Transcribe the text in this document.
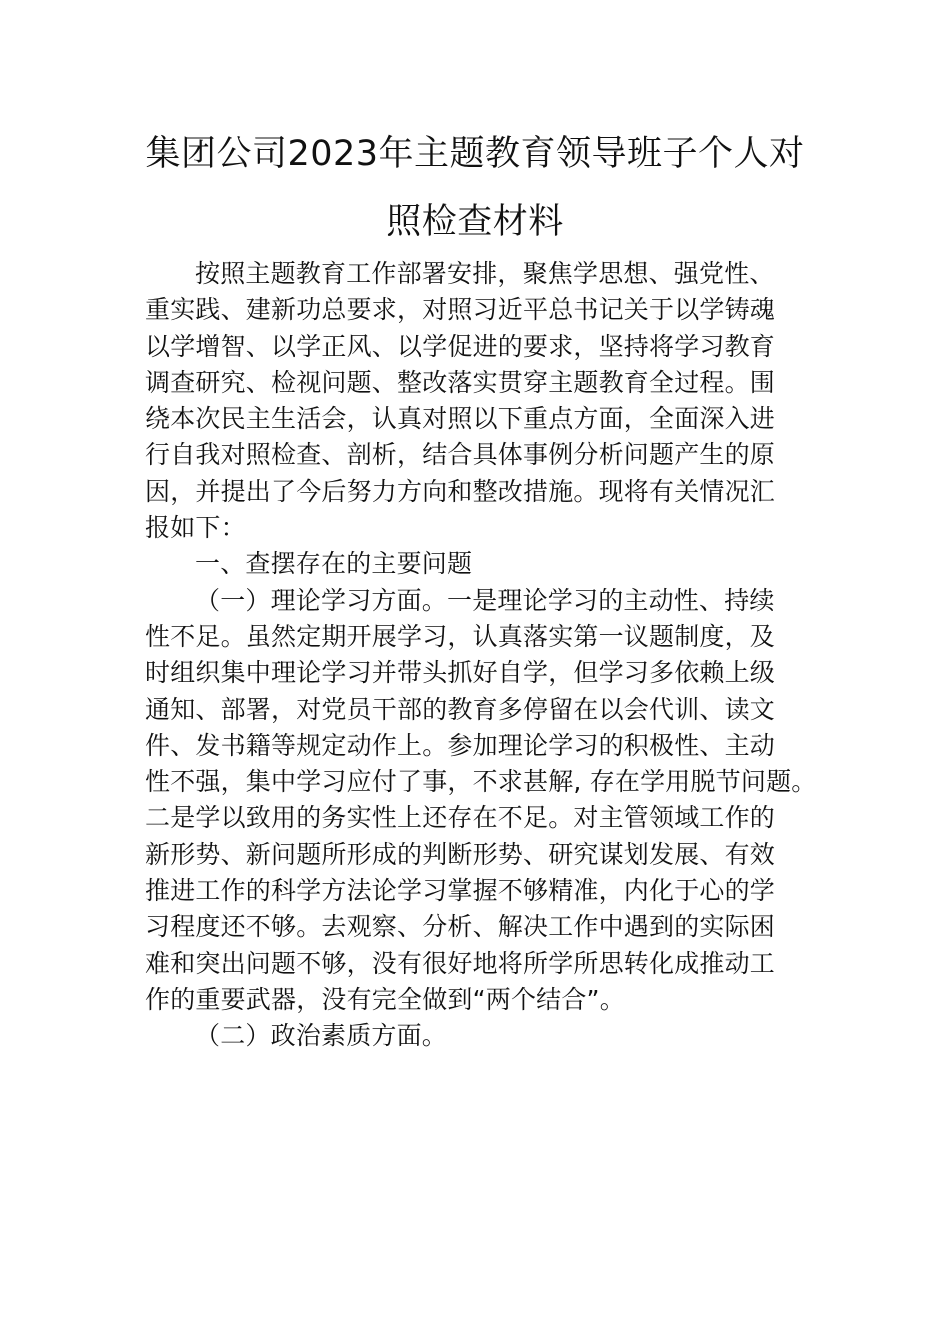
集团公司2023年主题教育领导班子个人对
照检查材料
按照主题教育工作部署安排，聚焦学思想、强党性、
重实践、建新功总要求，对照习近平总书记关于以学铸魂
以学增智、以学正风、以学促进的要求，坚持将学习教育
调查研究、检视问题、整改落实贯穿主题教育全过程。围
绕本次民主生活会，认真对照以下重点方面，全面深入进
行自我对照检查、剖析，结合具体事例分析问题产生的原
因，并提出了今后努力方向和整改措施。现将有关情况汇
报如下：
一、查摆存在的主要问题
（一）理论学习方面。一是理论学习的主动性、持续
性不足。虽然定期开展学习，认真落实第一议题制度，及
时组织集中理论学习并带头抓好自学，但学习多依赖上级
通知、部署，对党员干部的教育多停留在以会代训、读文
件、发书籍等规定动作上。参加理论学习的积极性、主动
性不强，集中学习应付了事，不求甚解, 存在学用脱节问题。
二是学以致用的务实性上还存在不足。对主管领域工作的
新形势、新问题所形成的判断形势、研究谋划发展、有效
推进工作的科学方法论学习掌握不够精准，内化于心的学
习程度还不够。去观察、分析、解决工作中遇到的实际困
难和突出问题不够，没有很好地将所学所思转化成推动工
作的重要武器，没有完全做到“两个结合”。
（二）政治素质方面。
